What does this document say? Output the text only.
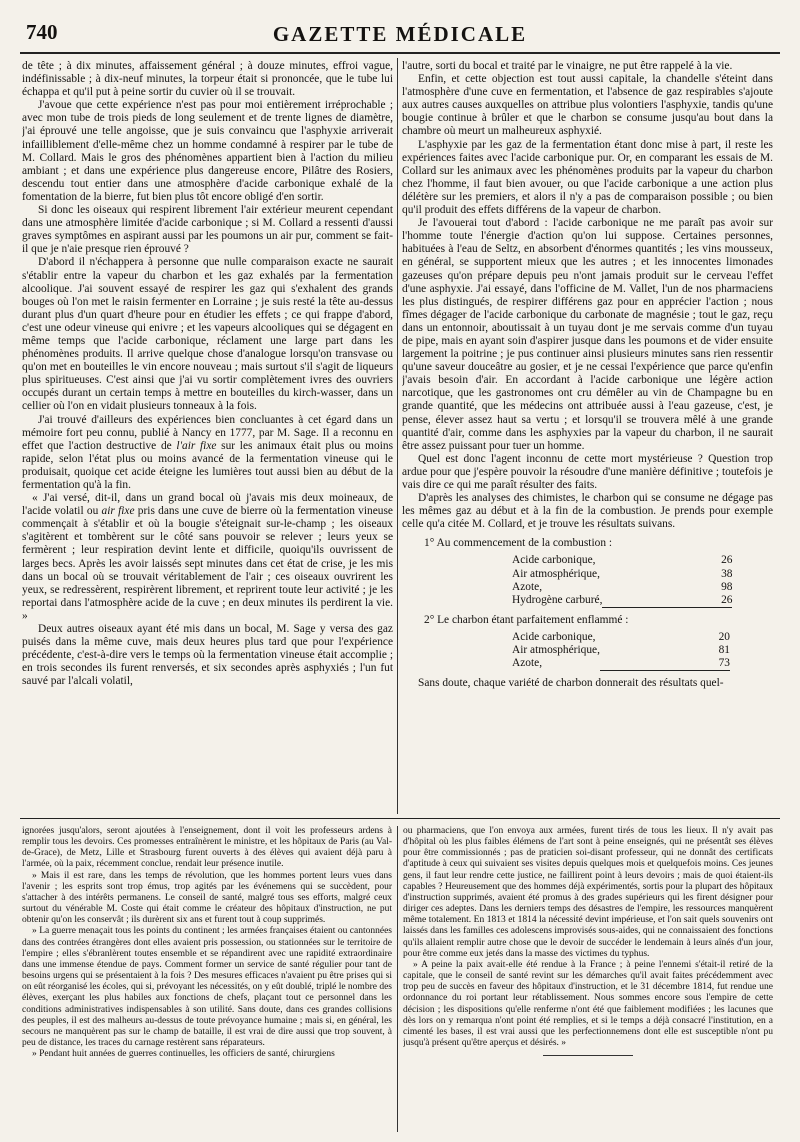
740	GAZETTE MÉDICALE

de tête ; à dix minutes, affaissement général ; à douze minutes, effroi vague, indéfinissable ; à dix-neuf minutes, la torpeur était si prononcée, que le tube lui échappa et qu'il put à peine sortir du cuvier où il se trouvait.

J'avoue que cette expérience n'est pas pour moi entièrement irréprochable ; avec mon tube de trois pieds de long seulement et de trente lignes de diamètre, j'ai éprouvé une telle angoisse, que je suis convaincu que l'asphyxie arriverait infailliblement d'elle-même chez un homme condamné à respirer par le tube de M. Collard. Mais le gros des phénomènes appartient bien à l'action du milieu ambiant ; et dans une expérience plus dangereuse encore, Pilâtre des Rosiers, descendu tout entier dans une atmosphère d'acide carbonique exhalé de la fomentation de la bierre, fut bien plus tôt encore obligé d'en sortir.

Si donc les oiseaux qui respirent librement l'air extérieur meurent cependant dans une atmosphère limitée d'acide carbonique ; si M. Collard a ressenti d'aussi graves symptômes en aspirant aussi par les poumons un air pur, comment se fait-il que je n'aie presque rien éprouvé ?

D'abord il n'échappera à personne que nulle comparaison exacte ne saurait s'établir entre la vapeur du charbon et les gaz exhalés par la fermentation alcoolique. J'ai souvent essayé de respirer les gaz qui s'exhalent des grands bouges où l'on met le raisin fermenter en Lorraine ; je suis resté la tête au-dessus durant plus d'un quart d'heure pour en étudier les effets ; ce qui frappe d'abord, c'est une odeur vineuse qui enivre ; et les vapeurs alcooliques qui se dégagent en même temps que l'acide carbonique, réclament une large part dans les phénomènes produits. Il arrive quelque chose d'analogue lorsqu'on transvase ou qu'on met en bouteilles le vin encore nouveau ; mais surtout s'il s'agit de liqueurs plus spiritueuses. C'est ainsi que j'ai vu sortir complètement ivres des ouvriers occupés durant un certain temps à mettre en bouteilles du kirch-wasser, dans un cellier où l'on en vidait plusieurs tonneaux à la fois.

J'ai trouvé d'ailleurs des expériences bien concluantes à cet égard dans un mémoire fort peu connu, publié à Nancy en 1777, par M. Sage. Il a reconnu en effet que l'action destructive de l'air fixe sur les animaux était plus ou moins rapide, selon l'état plus ou moins avancé de la fermentation vineuse qui le produisait, quoique cet acide éteigne les lumières tout aussi bien au début de la fermentation qu'à la fin.

« J'ai versé, dit-il, dans un grand bocal où j'avais mis deux moineaux, de l'acide volatil ou air fixe pris dans une cuve de bierre où la fermentation vineuse commençait à s'établir et où la bougie s'éteignait sur-le-champ ; les oiseaux s'agitèrent et tombèrent sur le côté sans pouvoir se relever ; leurs yeux se fermèrent ; leur respiration devint lente et difficile, quoiqu'ils ouvrissent de larges becs. Après les avoir laissés sept minutes dans cet état de crise, je les mis dans un bocal où se trouvait véritablement de l'air ; ces oiseaux ouvrirent les yeux, se redressèrent, respirèrent librement, et reprirent toute leur activité ; je les reportai dans l'atmosphère acide de la cuve ; en deux minutes ils perdirent la vie. »

Deux autres oiseaux ayant été mis dans un bocal, M. Sage y versa des gaz puisés dans la même cuve, mais deux heures plus tard que pour l'expérience précédente, c'est-à-dire vers le temps où la fermentation vineuse était accomplie ; en trois secondes ils furent renversés, et six secondes après asphyxiés ; l'un fut sauvé par l'alcali volatil,

l'autre, sorti du bocal et traité par le vinaigre, ne put être rappelé à la vie.

Enfin, et cette objection est tout aussi capitale, la chandelle s'éteint dans l'atmosphère d'une cuve en fermentation, et l'absence de gaz respirables s'ajoute aux autres causes auxquelles on attribue plus volontiers l'asphyxie, tandis qu'une bougie continue à brûler et que le charbon se consume jusqu'au bout dans la chambre où meurt un malheureux asphyxié.

L'asphyxie par les gaz de la fermentation étant donc mise à part, il reste les expériences faites avec l'acide carbonique pur. Or, en comparant les essais de M. Collard sur les animaux avec les phénomènes produits par la vapeur du charbon chez l'homme, il faut bien avouer, ou que l'acide carbonique a une action plus délétère sur les premiers, et alors il n'y a pas de comparaison possible ; ou bien qu'il produit des effets différens de la vapeur de charbon.

Je l'avouerai tout d'abord : l'acide carbonique ne me paraît pas avoir sur l'homme toute l'énergie d'action qu'on lui suppose. Certaines personnes, habituées à l'eau de Seltz, en absorbent d'énormes quantités ; les vins mousseux, en général, se supportent mieux que les autres ; et les innocentes limonades gazeuses qu'on prépare depuis peu n'ont jamais produit sur le cerveau l'effet d'une asphyxie. J'ai essayé, dans l'officine de M. Vallet, l'un de nos pharmaciens les plus distingués, de respirer différens gaz pour en apprécier l'action ; nous fîmes dégager de l'acide carbonique du carbonate de magnésie ; tout le gaz, reçu dans un entonnoir, aboutissait à un tuyau dont je me servais comme d'un tuyau de pipe, mais en ayant soin d'aspirer jusque dans les poumons et de vider ensuite largement la poitrine ; je pus continuer ainsi plusieurs minutes sans rien ressentir qu'une saveur douceâtre au gosier, et je ne cessai l'expérience que parce qu'enfin j'avais besoin d'air. En accordant à l'acide carbonique une légère action narcotique, que les gastronomes ont cru démêler au vin de Champagne bu en grande quantité, que les médecins ont attribuée aussi à l'eau gazeuse, c'est, je pense, élever assez haut sa vertu ; et lorsqu'il se trouvera mêlé à une grande quantité d'air, comme dans les asphyxies par la vapeur du charbon, il ne saurait être assez puissant pour tuer un homme.

Quel est donc l'agent inconnu de cette mort mystérieuse ? Question trop ardue pour que j'espère pouvoir la résoudre d'une manière définitive ; toutefois je vais dire ce qui me paraît résulter des faits.

D'après les analyses des chimistes, le charbon qui se consume ne dégage pas les mêmes gaz au début et à la fin de la combustion. Je prends pour exemple celle qu'a citée M. Collard, et je trouve les résultats suivans.

1° Au commencement de la combustion :

Acide carbonique,	26
Air atmosphérique,	38
Azote,	98
Hydrogène carburé,	26

2° Le charbon étant parfaitement enflammé :

Acide carbonique,	20
Air atmosphérique,	81
Azote,	73

Sans doute, chaque variété de charbon donnerait des résultats quel-

ignorées jusqu'alors, seront ajoutées à l'enseignement, dont il voit les professeurs ardens à remplir tous les devoirs. Ces promesses entraînèrent le ministre, et les hôpitaux de Paris (au Val-de-Grace), de Metz, Lille et Strasbourg furent ouverts à des élèves qui avaient déjà paru à l'armée, où la paix, récemment conclue, rendait leur présence inutile.

» Mais il est rare, dans les temps de révolution, que les hommes portent leurs vues dans l'avenir ; les esprits sont trop émus, trop agités par les événemens qui se succèdent, pour s'attacher à des intérêts permanens. Le conseil de santé, malgré tous ses efforts, malgré ceux surtout du vénérable M. Coste qui était comme le créateur des hôpitaux d'instruction, ne put obtenir qu'on les conservât ; ils durèrent six ans et furent tout à coup supprimés.

» La guerre menaçait tous les points du continent ; les armées françaises étaient ou cantonnées dans des contrées étrangères dont elles avaient pris possession, ou stationnées sur le territoire de l'empire ; elles s'ébranlèrent toutes ensemble et se répandirent avec une rapidité extraordinaire dans une immense étendue de pays. Comment former un service de santé régulier pour tant de besoins urgens qui se présentaient à la fois ? Des mesures efficaces n'avaient pu être prises qui si on eût réorganisé les écoles, qui si, prévoyant les nécessités, on y eût doublé, triplé le nombre des élèves, exerçant les plus habiles aux fonctions de chefs, plaçant tout ce personnel dans les conditions administratives indispensables à son utilité. Sans doute, dans ces grandes collisions des peuples, il est des malheurs au-dessus de toute prévoyance humaine ; mais si, en général, les secours ne manquèrent pas sur le champ de bataille, il est vrai de dire aussi que trop souvent, à peu de distance, les traces du carnage restèrent sans réparateurs.

» Pendant huit années de guerres continuelles, les officiers de santé, chirurgiens

ou pharmaciens, que l'on envoya aux armées, furent tirés de tous les lieux. Il n'y avait pas d'hôpital où les plus faibles élémens de l'art sont à peine enseignés, qui ne présentât ses élèves pour être commissionnés ; pas de praticien soi-disant professeur, qui ne donnât des certificats d'aptitude à ceux qui suivaient ses visites depuis quelques mois et quelquefois moins. Ces jeunes gens, il faut leur rendre cette justice, ne faillirent point à leurs devoirs ; mais de quoi étaient-ils capables ? Heureusement que des hommes déjà expérimentés, sortis pour la plupart des hôpitaux d'instruction supprimés, avaient été promus à des grades supérieurs qui les firent désigner pour diriger ces adeptes. Dans les derniers temps des désastres de l'empire, les ressources manquèrent même totalement. En 1813 et 1814 la nécessité devint impérieuse, et l'on sait quels souvenirs ont laissés dans les familles ces adolescens improvisés sous-aides, qui ne connaissaient des fonctions qu'ils allaient remplir autre chose que le devoir de succéder le lendemain à leurs aînés d'un jour, pour être comme eux jetés dans la masse des victimes du typhus.

» A peine la paix avait-elle été rendue à la France ; à peine l'ennemi s'était-il retiré de la capitale, que le conseil de santé revint sur les démarches qu'il avait faites précédemment avec trop peu de succès en faveur des hôpitaux d'instruction, et le 31 décembre 1814, fut rendue une ordonnance du roi portant leur rétablissement. Nous sommes encore sous l'empire de cette décision ; les dispositions qu'elle renferme n'ont été que faiblement modifiées ; les lacunes que dès lors on y remarqua n'ont point été remplies, et si le temps a déjà consacré l'institution, en a cimenté les bases, il est vrai aussi que les perfectionnemens dont elle est susceptible n'ont pu jusqu'à présent qu'être aperçus et désirés. »
